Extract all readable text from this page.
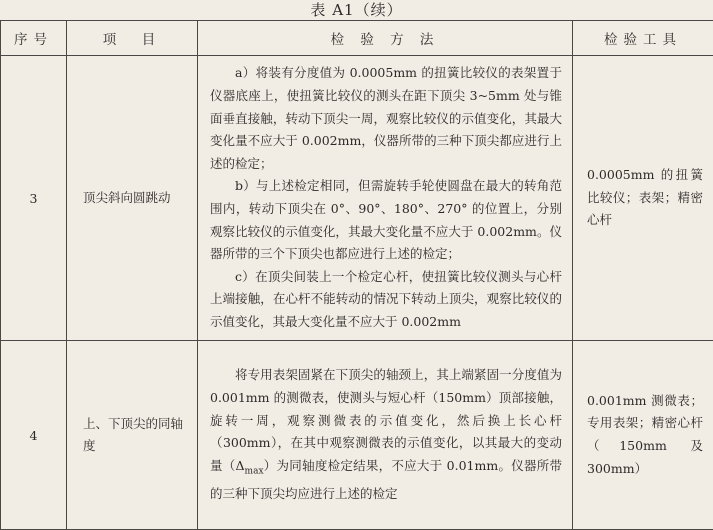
表 A1（续）
序号	项　目	检 验 方 法	检验工具
3	顶尖斜向圆跳动	a）将装有分度值为 0.0005mm 的扭簧比较仪的表架置于仪器底座上，使扭簧比较仪的测头在距下顶尖 3~5mm 处与锥面垂直接触，转动下顶尖一周，观察比较仪的示值变化，其最大变化量不应大于 0.002mm，仪器所带的三种下顶尖都应进行上述的检定；

b）与上述检定相同，但需旋转手轮使圆盘在最大的转角范围内，转动下顶尖在 0°、90°、180°、270° 的位置上，分别观察比较仪的示值变化，其最大变化量不应大于 0.002mm。仪器所带的三个下顶尖也都应进行上述的检定；

c）在顶尖间装上一个检定心杆，使扭簧比较仪测头与心杆上端接触，在心杆不能转动的情况下转动上顶尖，观察比较仪的示值变化，其最大变化量不应大于 0.002mm	0.0005mm 的扭簧比较仪；表架；精密心杆

4	上、下顶尖的同轴度	将专用表架固紧在下顶尖的轴颈上，其上端紧固一分度值为 0.001mm 的测微表，使测头与短心杆（150mm）顶部接触，旋转一周，观察测微表的示值变化，然后换上长心杆（300mm），在其中观察测微表的示值变化，以其最大的变动量$(\Delta_{max})$为同轴度检定结果，不应大于 0.01mm。仪器所带的三种下顶尖均应进行上述的检定	0.001mm 测微表；专用表架；精密心杆（150mm 及 300mm）
